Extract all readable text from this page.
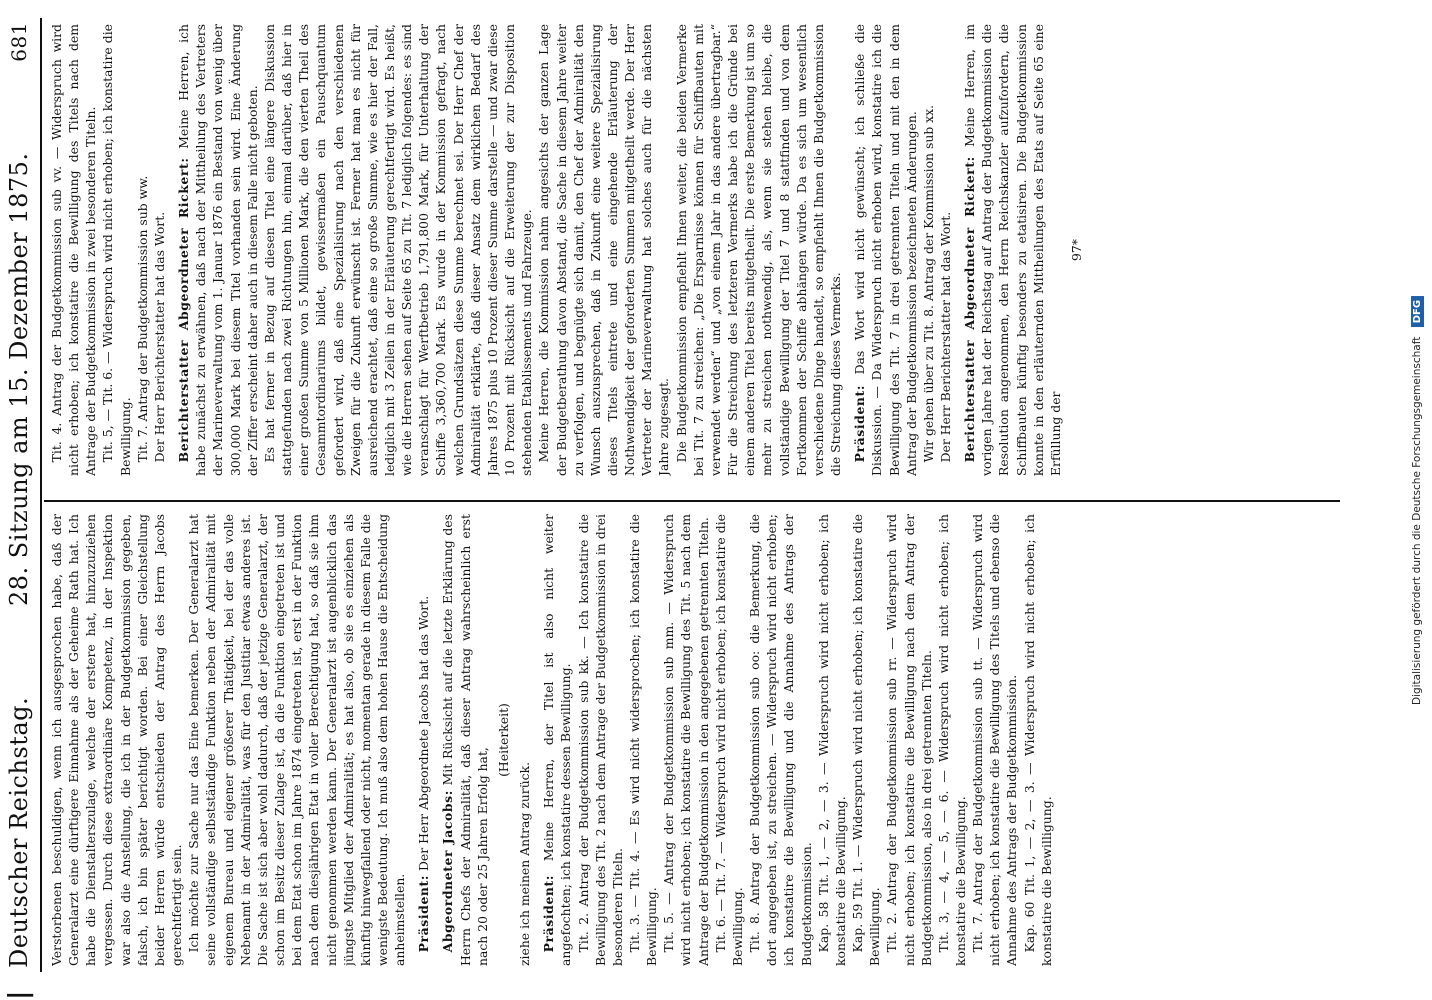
|
Deutscher Reichstag.
28. Sitzung am 15. Dezember 1875.
681

Verstorbenen beschuldigen, wenn ich ausgesprochen habe, daß der Generalarzt eine dürftigere Einnahme als der Geheime Rath hat. Ich habe die Dienstalterszulage, welche der erstere hat, hinzuzuziehen vergessen. Durch diese extraordinäre Kompetenz, in der Inspektion war also die Anstellung, die ich in der Budgetkommission gegeben, falsch, ich bin später berichtigt worden. Bei einer Gleichstellung beider Herren würde entschieden der Antrag des Herrn Jacobs gerechtfertigt sein. Ich möchte zur Sache nur das Eine bemerken. Der Generalarzt hat seine vollständige selbstständige Funktion neben der Admiralität mit eigenem Bureau und eigener größerer Thätigkeit, bei der das volle Nebenamt in der Admiralität, was für den Justitiar etwas anderes ist. Die Sache ist sich aber wohl dadurch, daß der jetzige Generalarzt, der schon im Besitz dieser Zulage ist, da die Funktion eingetreten ist und bei dem Etat schon im Jahre 1874 eingetreten ist, erst in der Funktion nach dem diesjährigen Etat in voller Berechtigung hat, so daß sie ihm nicht genommen werden kann. Der Generalarzt ist augenblicklich das jüngste Mitglied der Admiralität; es hat also, ob sie es einziehen als künftig hinwegfallend oder nicht, momentan gerade in diesem Falle die wenigste Bedeutung. Ich muß also dem hohen Hause die Entscheidung anheimstellen. Präsident: Der Herr Abgeordnete Jacobs hat das Wort. Abgeordneter Jacobs: Mit Rücksicht auf die letzte Erklärung des Herrn Chefs der Admiralität, daß dieser Antrag wahrscheinlich erst nach 20 oder 25 Jahren Erfolg hat,

(Heiterkeit)

ziehe ich meinen Antrag zurück. Präsident: Meine Herren, der Titel ist also nicht weiter angefochten; ich konstatire dessen Bewilligung. Tit. 2. Antrag der Budgetkommission sub kk. — Ich konstatire die Bewilligung des Tit. 2 nach dem Antrage der Budgetkommission in drei besonderen Titeln. Tit. 3. — Tit. 4. — Es wird nicht widersprochen; ich konstatire die Bewilligung. Tit. 5. — Antrag der Budgetkommission sub mm. — Widerspruch wird nicht erhoben; ich konstatire die Bewilligung des Tit. 5 nach dem Antrage der Budgetkommission in den angegebenen getrennten Titeln. Tit. 6. — Tit. 7. — Widerspruch wird nicht erhoben; ich konstatire die Bewilligung. Tit. 8. Antrag der Budgetkommission sub oo: die Bemerkung, die dort angegeben ist, zu streichen. — Widerspruch wird nicht erhoben; ich konstatire die Bewilligung und die Annahme des Antrags der Budgetkommission. Kap. 58 Tit. 1, — 2, — 3. — Widerspruch wird nicht erhoben; ich konstatire die Bewilligung. Kap. 59 Tit. 1. — Widerspruch wird nicht erhoben; ich konstatire die Bewilligung. Tit. 2. Antrag der Budgetkommission sub rr. — Widerspruch wird nicht erhoben; ich konstatire die Bewilligung nach dem Antrag der Budgetkommission, also in drei getrennten Titeln. Tit. 3, — 4, — 5, — 6. — Widerspruch wird nicht erhoben; ich konstatire die Bewilligung. Tit. 7. Antrag der Budgetkommission sub tt. — Widerspruch wird nicht erhoben; ich konstatire die Bewilligung des Titels und ebenso die Annahme des Antrags der Budgetkommission. Kap. 60 Tit. 1, — 2, — 3. — Widerspruch wird nicht erhoben; ich konstatire die Bewilligung.

Tit. 4. Antrag der Budgetkommission sub vv. — Widerspruch wird nicht erhoben; ich konstatire die Bewilligung des Titels nach dem Antrage der Budgetkommission in zwei besonderen Titeln. Tit. 5, — Tit. 6. — Widerspruch wird nicht erhoben; ich konstatire die Bewilligung. Tit. 7. Antrag der Budgetkommission sub ww. Der Herr Berichterstatter hat das Wort. Berichterstatter Abgeordneter Rickert: Meine Herren, ich habe zunächst zu erwähnen, daß nach der Mittheilung des Vertreters der Marineverwaltung vom 1. Januar 1876 ein Bestand von wenig über 300,000 Mark bei diesem Titel vorhanden sein wird. Eine Änderung der Ziffer erscheint daher auch in diesem Falle nicht geboten. Es hat ferner in Bezug auf diesen Titel eine längere Diskussion stattgefunden nach zwei Richtungen hin, einmal darüber, daß hier in einer großen Summe von 5 Millionen Mark, die den vierten Theil des Gesammtordinariums bildet, gewissermaßen ein Pauschquantum gefordert wird, daß eine Spezialisirung nach den verschiedenen Zweigen für die Zukunft erwünscht ist. Ferner hat man es nicht für ausreichend erachtet, daß eine so große Summe, wie es hier der Fall, lediglich mit 3 Zeilen in der Erläuterung gerechtfertigt wird. Es heißt, wie die Herren sehen auf Seite 65 zu Tit. 7 lediglich folgendes: es sind veranschlagt für Werftbetrieb 1,791,800 Mark, für Unterhaltung der Schiffe 3,360,700 Mark. Es wurde in der Kommission gefragt, nach welchen Grundsätzen diese Summe berechnet sei. Der Herr Chef der Admiralität erklärte, daß dieser Ansatz dem wirklichen Bedarf des Jahres 1875 plus 10 Prozent dieser Summe darstelle — und zwar diese 10 Prozent mit Rücksicht auf die Erweiterung der zur Disposition stehenden Etablissements und Fahrzeuge. Meine Herren, die Kommission nahm angesichts der ganzen Lage der Budgetberathung davon Abstand, die Sache in diesem Jahre weiter zu verfolgen, und begnügte sich damit, den Chef der Admiralität den Wunsch auszusprechen, daß in Zukunft eine weitere Spezialisirung dieses Titels eintrete und eine eingehende Erläuterung der Nothwendigkeit der geforderten Summen mitgetheilt werde. Der Herr Vertreter der Marineverwaltung hat solches auch für die nächsten Jahre zugesagt. Die Budgetkommission empfiehlt Ihnen weiter, die beiden Vermerke bei Tit. 7 zu streichen: „Die Ersparnisse können für Schiffbauten mit verwendet werden“ und „von einem Jahr in das andere übertragbar.“ Für die Streichung des letzteren Vermerks habe ich die Gründe bei einem anderen Titel bereits mitgetheilt. Die erste Bemerkung ist um so mehr zu streichen nothwendig, als, wenn sie stehen bleibe, die vollständige Bewilligung der Titel 7 und 8 stattfinden und von dem Fortkommen der Schiffe abhängen würde. Da es sich um wesentlich verschiedene Dinge handelt, so empfiehlt Ihnen die Budgetkommission die Streichung dieses Vermerks. Präsident: Das Wort wird nicht gewünscht; ich schließe die Diskussion. — Da Widerspruch nicht erhoben wird, konstatire ich die Bewilligung des Tit. 7 in drei getrennten Titeln und mit den in dem Antrag der Budgetkommission bezeichneten Änderungen. Wir gehen über zu Tit. 8. Antrag der Kommission sub xx. Der Herr Berichterstatter hat das Wort. Berichterstatter Abgeordneter Rickert: Meine Herren, im vorigen Jahre hat der Reichstag auf Antrag der Budgetkommission die Resolution angenommen, den Herrn Reichskanzler aufzufordern, die Schiffbauten künftig besonders zu etatisiren. Die Budgetkommission konnte in den erläuternden Mittheilungen des Etats auf Seite 65 eine Erfüllung der

97*

Digitalisierung gefördert durch die Deutsche Forschungsgemeinschaft DFG
